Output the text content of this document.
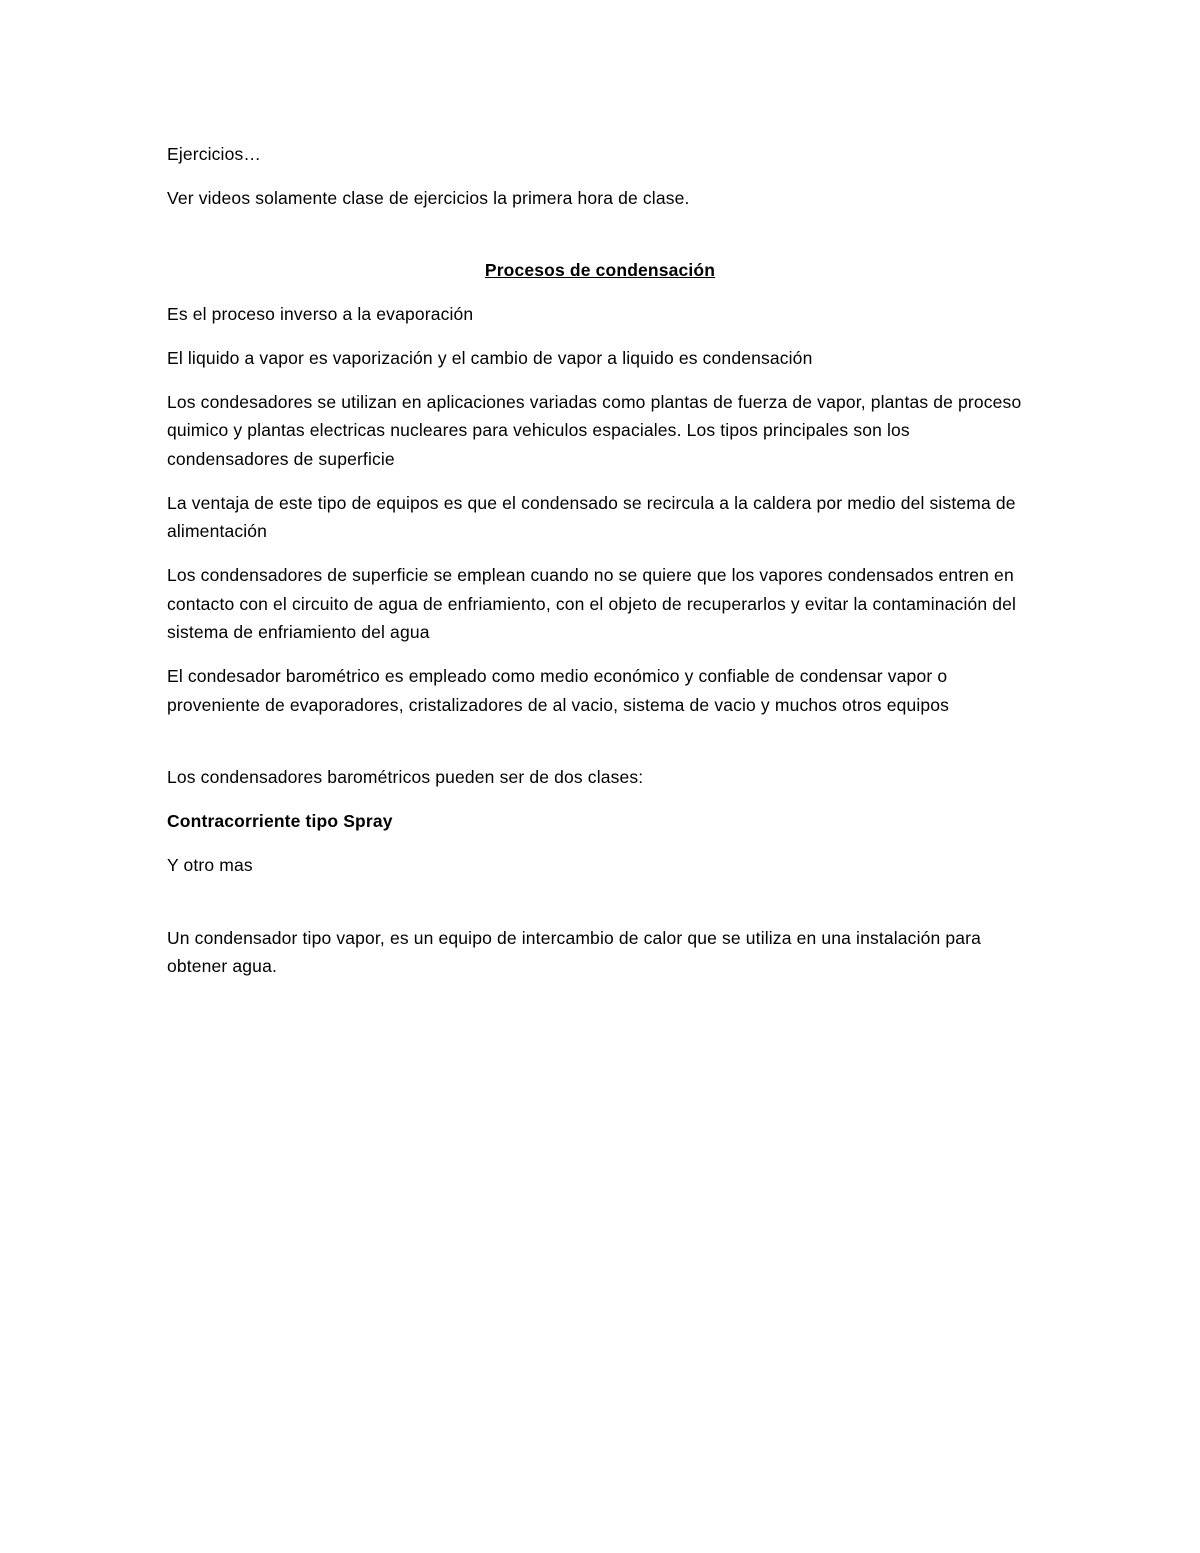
Ejercicios…

Ver videos solamente clase de ejercicios la primera hora de clase.

Procesos de condensación

Es el proceso inverso a la evaporación

El liquido a vapor es vaporización y el cambio de vapor a liquido es condensación

Los condesadores se utilizan en aplicaciones variadas como plantas de fuerza de vapor, plantas de proceso quimico y plantas electricas nucleares para vehiculos espaciales. Los tipos principales son los condensadores de superficie

La ventaja de este tipo de equipos es que el condensado se recircula a la caldera por medio del sistema de alimentación

Los condensadores de superficie se emplean cuando no se quiere que los vapores condensados entren en contacto con el circuito de agua de enfriamiento, con el objeto de recuperarlos y evitar la contaminación del sistema de enfriamiento del agua

El condesador barométrico es empleado como medio económico y confiable de condensar vapor o proveniente de evaporadores, cristalizadores de al vacio, sistema de vacio y muchos otros equipos

Los condensadores barométricos pueden ser de dos clases:

Contracorriente tipo Spray

Y otro mas

Un condensador tipo vapor, es un equipo de intercambio de calor que se utiliza en una instalación para obtener agua.
